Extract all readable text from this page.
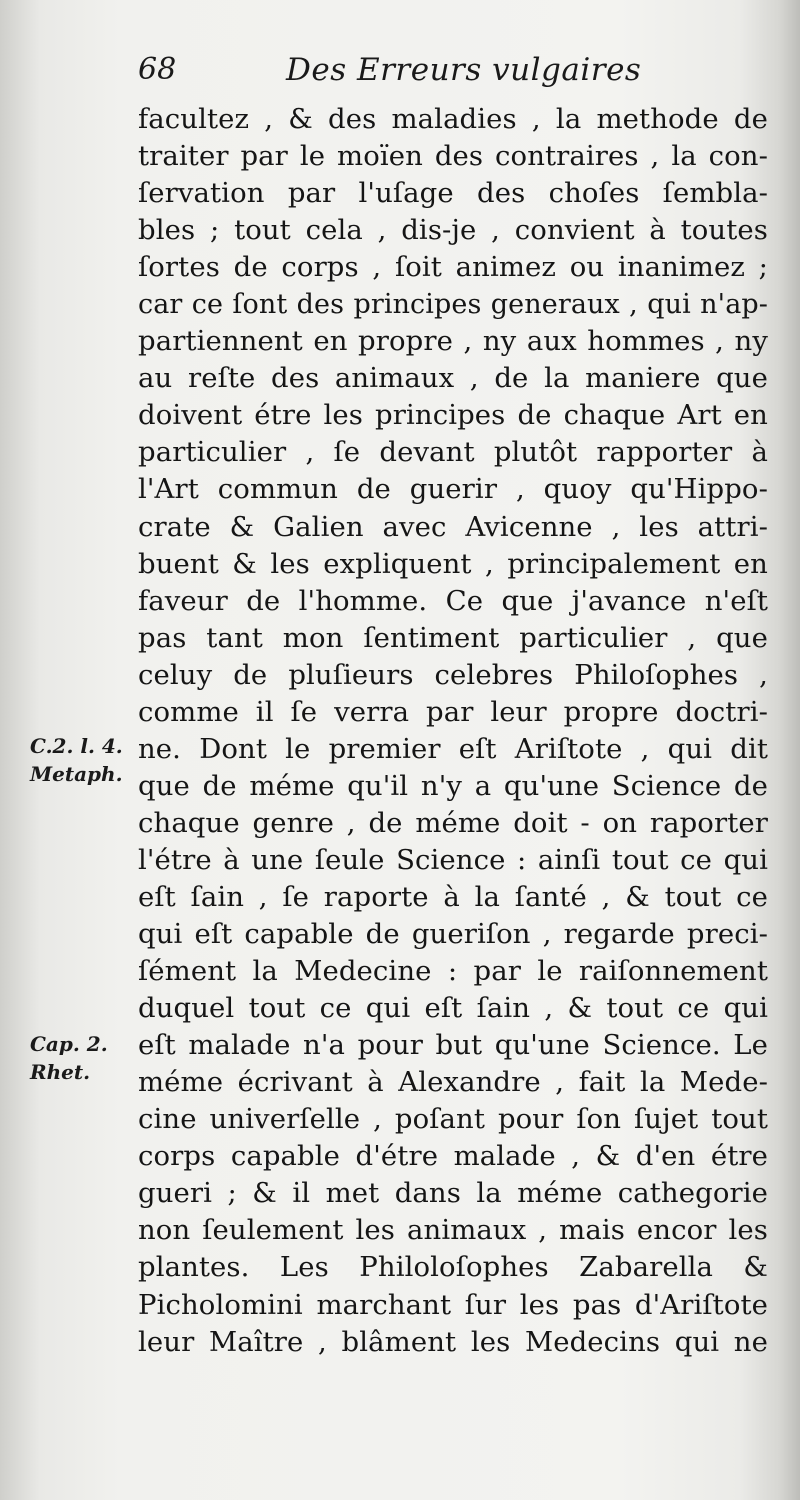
68	Des Erreurs vulgaires
C.2. l. 4.
Metaph.
Cap. 2.
Rhet.
facultez , & des maladies , la methode de
traiter par le moïen des contraires , la con-
ſervation par l'uſage des choſes ſembla-
bles ; tout cela , dis-je , convient à toutes
ſortes de corps , ſoit animez ou inanimez ;
car ce ſont des principes generaux , qui n'ap-
partiennent en propre , ny aux hommes , ny
au reſte des animaux , de la maniere que
doivent étre les principes de chaque Art en
particulier , ſe devant plutôt rapporter à
l'Art commun de guerir , quoy qu'Hippo-
crate & Galien avec Avicenne , les attri-
buent & les expliquent , principalement en
faveur de l'homme. Ce que j'avance n'eſt
pas tant mon ſentiment particulier , que
celuy de pluſieurs celebres Philoſophes ,
comme il ſe verra par leur propre doctri-
ne. Dont le premier eſt Ariſtote , qui dit
que de méme qu'il n'y a qu'une Science de
chaque genre , de méme doit - on raporter
l'étre à une ſeule Science : ainſi tout ce qui
eſt ſain , ſe raporte à la ſanté , & tout ce
qui eſt capable de gueriſon , regarde preci-
ſément la Medecine : par le raiſonnement
duquel tout ce qui eſt ſain , & tout ce qui
eſt malade n'a pour but qu'une Science. Le
méme écrivant à Alexandre , fait la Mede-
cine univerſelle , poſant pour ſon ſujet tout
corps capable d'étre malade , & d'en étre
gueri ; & il met dans la méme cathegorie
non ſeulement les animaux , mais encor les
plantes. Les Philoloſophes Zabarella &
Picholomini marchant ſur les pas d'Ariſtote
leur Maître , blâment les Medecins qui ne
